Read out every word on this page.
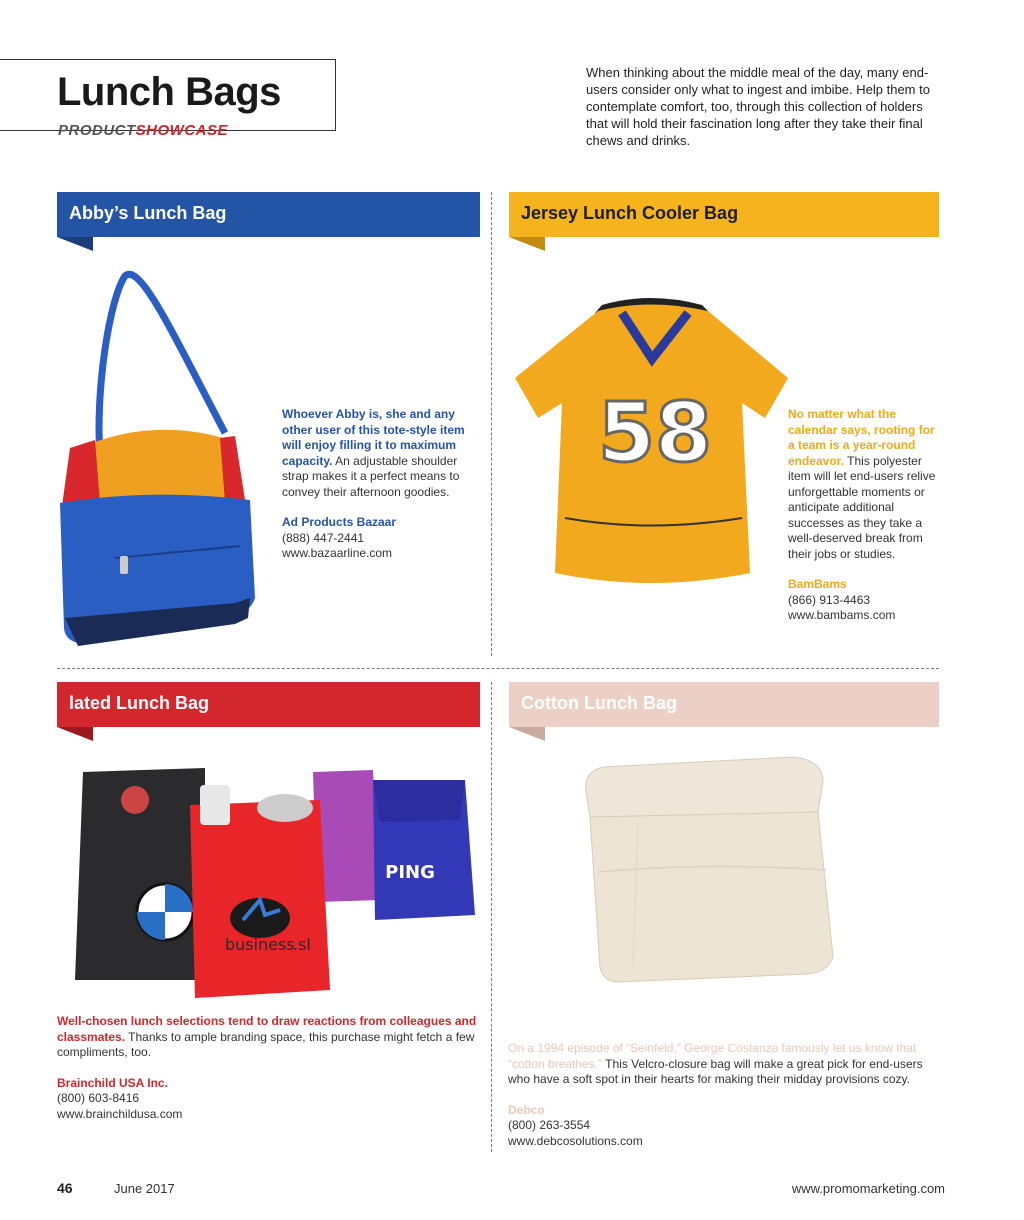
Lunch Bags
PRODUCTSHOWCASE
When thinking about the middle meal of the day, many end-users consider only what to ingest and imbibe. Help them to contemplate comfort, too, through this collection of holders that will hold their fascination long after they take their final chews and drinks.
Abby’s Lunch Bag	Jersey Lunch Cooler Bag
lated Lunch Bag	Cotton Lunch Bag
58
PING
business
.sl
Whoever Abby is, she and any other user of this tote-style item will enjoy filling it to maximum capacity. An adjustable shoulder strap makes it a perfect means to convey their afternoon goodies.
Ad Products Bazaar
(888) 447-2441
www.bazaarline.com
No matter what the calendar says, rooting for a team is a year-round endeavor. This polyester item will let end-users relive unforgettable moments or anticipate additional successes as they take a well-deserved break from their jobs or studies.
BamBams
(866) 913-4463
www.bambams.com
Well-chosen lunch selections tend to draw reactions from colleagues and classmates. Thanks to ample branding space, this purchase might fetch a few compliments, too.
Brainchild USA Inc.
(800) 603-8416
www.brainchildusa.com
On a 1994 episode of “Seinfeld,” George Costanza famously let us know that “cotton breathes.” This Velcro-closure bag will make a great pick for end-users who have a soft spot in their hearts for making their midday provisions cozy.
Debco
(800) 263-3554
www.debcosolutions.com
46	June 2017	www.promomarketing.com
